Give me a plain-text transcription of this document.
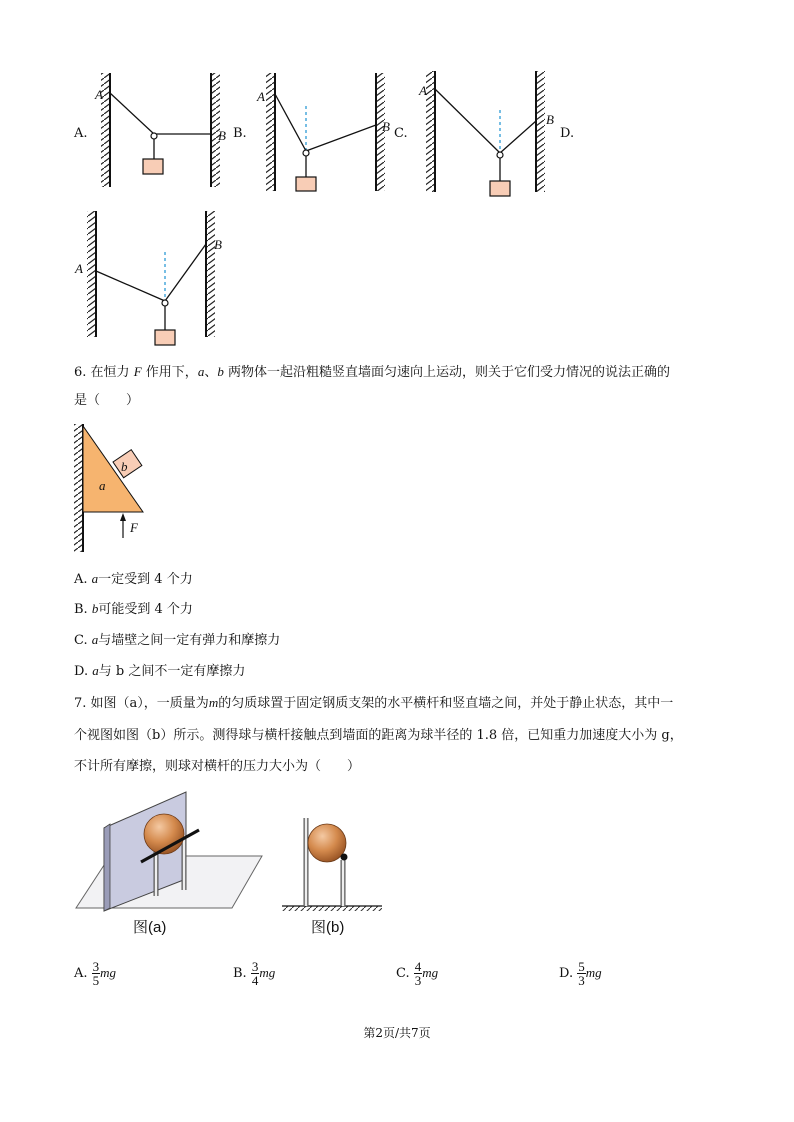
A
B
A
B
A
B
A
B
A.	B.	C.	D.
6. 在恒力 F 作用下，a、b 两物体一起沿粗糙竖直墙面匀速向上运动，则关于它们受力情况的说法正确的
是（　　）
a
b
F
A. a一定受到 4 个力
B. b可能受到 4 个力
C. a与墙壁之间一定有弹力和摩擦力
D. a与 b 之间不一定有摩擦力
7. 如图（a），一质量为m的匀质球置于固定钢质支架的水平横杆和竖直墙之间，并处于静止状态，其中一
个视图如图（b）所示。测得球与横杆接触点到墙面的距离为球半径的 1.8 倍，已知重力加速度大小为 g，
不计所有摩擦，则球对横杆的压力大小为（　　）
图(a)	图(b)
A. $\frac{3}{5}$ mg	B. $\frac{3}{4}$ mg	C. $\frac{4}{3}$ mg	D. $\frac{5}{3}$ mg
第2页/共7页
